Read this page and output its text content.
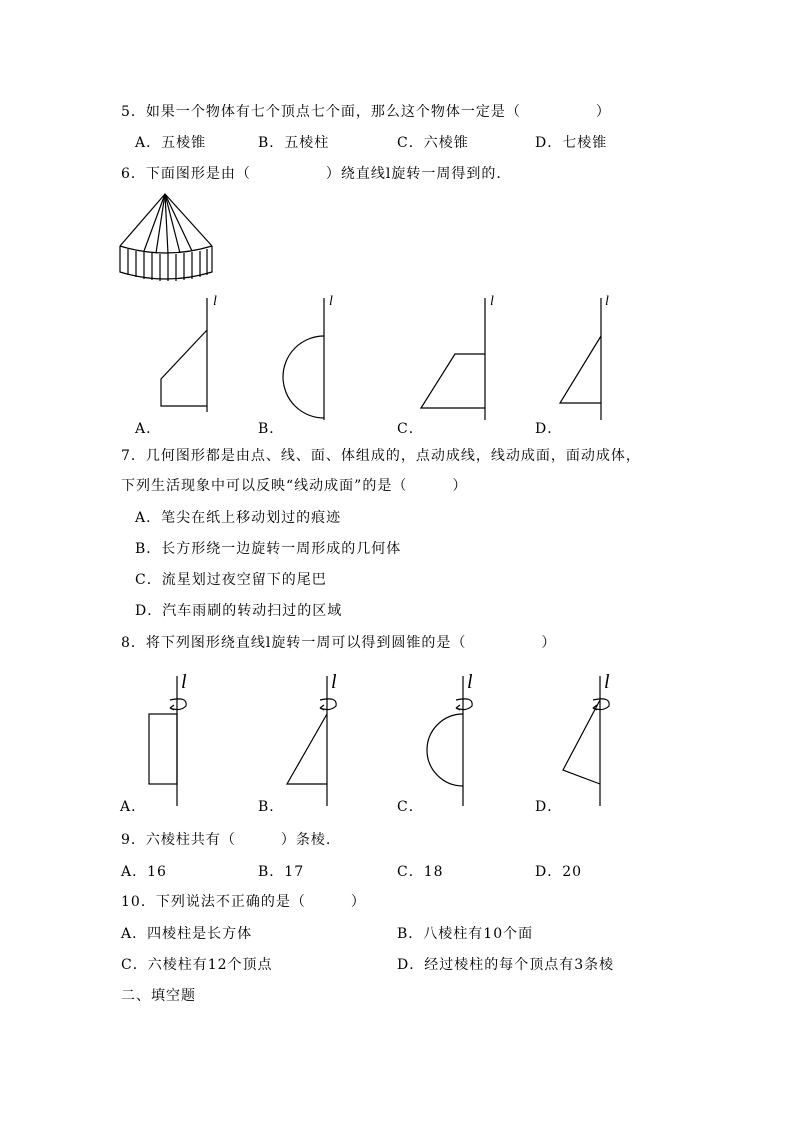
5．如果一个物体有七个顶点七个面，那么这个物体一定是（　　　　　）
A．五棱锥	B．五棱柱	C．六棱锥	D．七棱锥
6．下面图形是由（　　　　　）绕直线l旋转一周得到的.
l
A．
l
B．
l
C．
l
D．
7．几何图形都是由点、线、面、体组成的，点动成线，线动成面，面动成体，
下列生活现象中可以反映“线动成面”的是（　　　）
A．笔尖在纸上移动划过的痕迹
B．长方形绕一边旋转一周形成的几何体
C．流星划过夜空留下的尾巴
D．汽车雨刷的转动扫过的区域
8．将下列图形绕直线l旋转一周可以得到圆锥的是（　　　　　）
l
A．
l
B．
l
C．
l
D．
9．六棱柱共有（　　　）条棱.
A．16	B．17	C．18	D．20
10．下列说法不正确的是（　　　）
A．四棱柱是长方体	B．八棱柱有10个面
C．六棱柱有12个顶点	D．经过棱柱的每个顶点有3条棱
二、填空题
